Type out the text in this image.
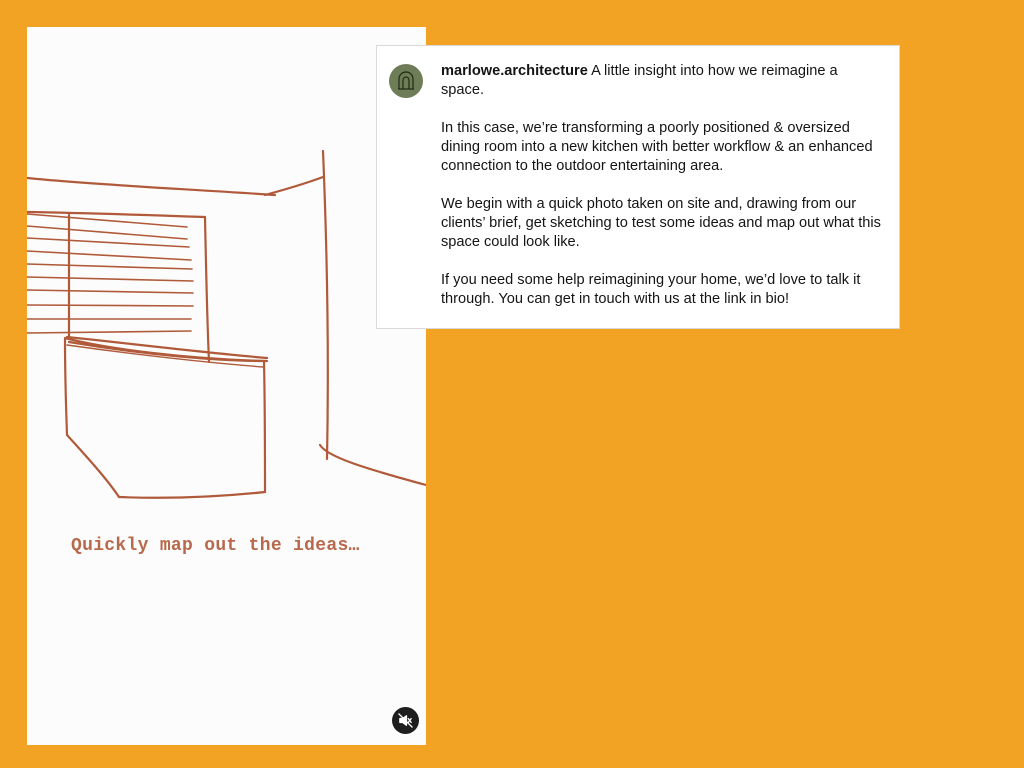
Quickly map out the ideas…

marlowe.architecture A little insight into how we reimagine a space.

In this case, we’re transforming a poorly positioned & oversized dining room into a new kitchen with better workflow & an enhanced connection to the outdoor entertaining area.

We begin with a quick photo taken on site and, drawing from our clients’ brief, get sketching to test some ideas and map out what this space could look like.

If you need some help reimagining your home, we’d love to talk it through. You can get in touch with us at the link in bio!
